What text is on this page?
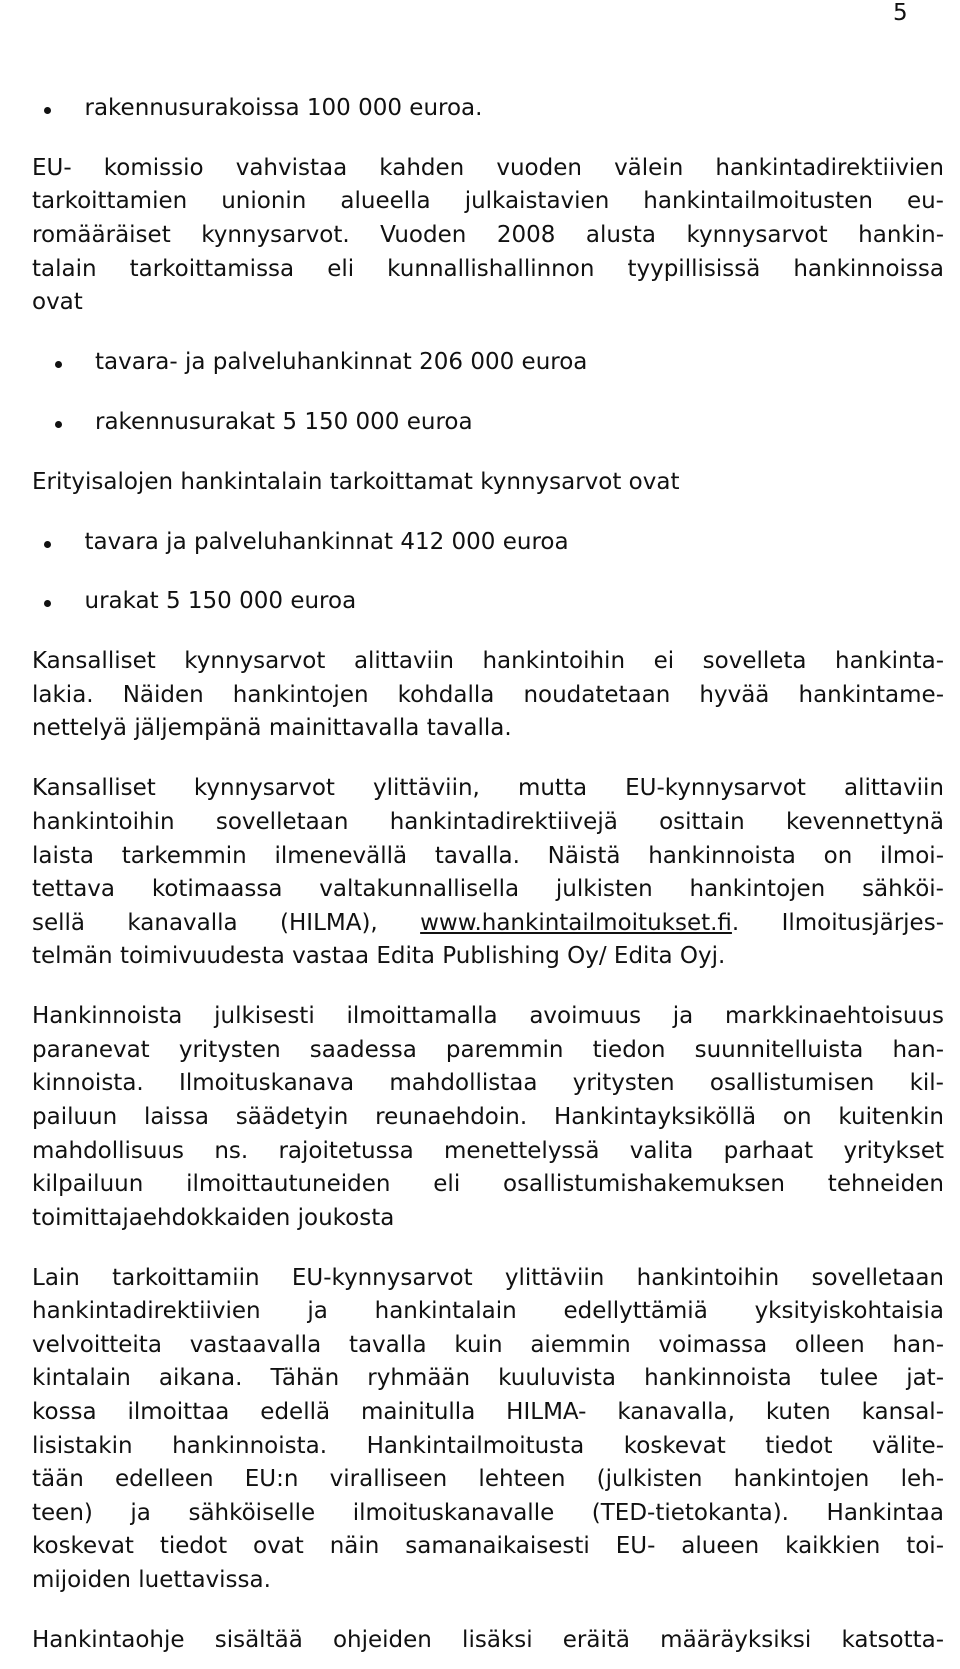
5
rakennusurakoissa 100 000 euroa.
EU- komissio vahvistaa kahden vuoden välein hankintadirektiivien
tarkoittamien unionin alueella julkaistavien hankintailmoitusten eu-
romääräiset kynnysarvot. Vuoden 2008 alusta kynnysarvot hankin-
talain tarkoittamissa eli kunnallishallinnon tyypillisissä hankinnoissa
ovat
tavara- ja palveluhankinnat 206 000 euroa
rakennusurakat 5 150 000 euroa
Erityisalojen hankintalain tarkoittamat kynnysarvot ovat
tavara ja palveluhankinnat 412 000 euroa
urakat 5 150 000 euroa
Kansalliset kynnysarvot alittaviin hankintoihin ei sovelleta hankinta-
lakia. Näiden hankintojen kohdalla noudatetaan hyvää hankintame-
nettelyä jäljempänä mainittavalla tavalla.
Kansalliset kynnysarvot ylittäviin, mutta EU-kynnysarvot alittaviin
hankintoihin sovelletaan hankintadirektiivejä osittain kevennettynä
laista tarkemmin ilmenevällä tavalla. Näistä hankinnoista on ilmoi-
tettava kotimaassa valtakunnallisella julkisten hankintojen sähköi-
sellä kanavalla (HILMA), www.hankintailmoitukset.fi. Ilmoitusjärjes-
telmän toimivuudesta vastaa Edita Publishing Oy/ Edita Oyj.
Hankinnoista julkisesti ilmoittamalla avoimuus ja markkinaehtoisuus
paranevat yritysten saadessa paremmin tiedon suunnitelluista han-
kinnoista. Ilmoituskanava mahdollistaa yritysten osallistumisen kil-
pailuun laissa säädetyin reunaehdoin. Hankintayksiköllä on kuitenkin
mahdollisuus ns. rajoitetussa menettelyssä valita parhaat yritykset
kilpailuun ilmoittautuneiden eli osallistumishakemuksen tehneiden
toimittajaehdokkaiden joukosta
Lain tarkoittamiin EU-kynnysarvot ylittäviin hankintoihin sovelletaan
hankintadirektiivien ja hankintalain edellyttämiä yksityiskohtaisia
velvoitteita vastaavalla tavalla kuin aiemmin voimassa olleen han-
kintalain aikana. Tähän ryhmään kuuluvista hankinnoista tulee jat-
kossa ilmoittaa edellä mainitulla HILMA- kanavalla, kuten kansal-
lisistakin hankinnoista. Hankintailmoitusta koskevat tiedot välite-
tään edelleen EU:n viralliseen lehteen (julkisten hankintojen leh-
teen) ja sähköiselle ilmoituskanavalle (TED-tietokanta). Hankintaa
koskevat tiedot ovat näin samanaikaisesti EU- alueen kaikkien toi-
mijoiden luettavissa.
Hankintaohje sisältää ohjeiden lisäksi eräitä määräyksiksi katsotta-
